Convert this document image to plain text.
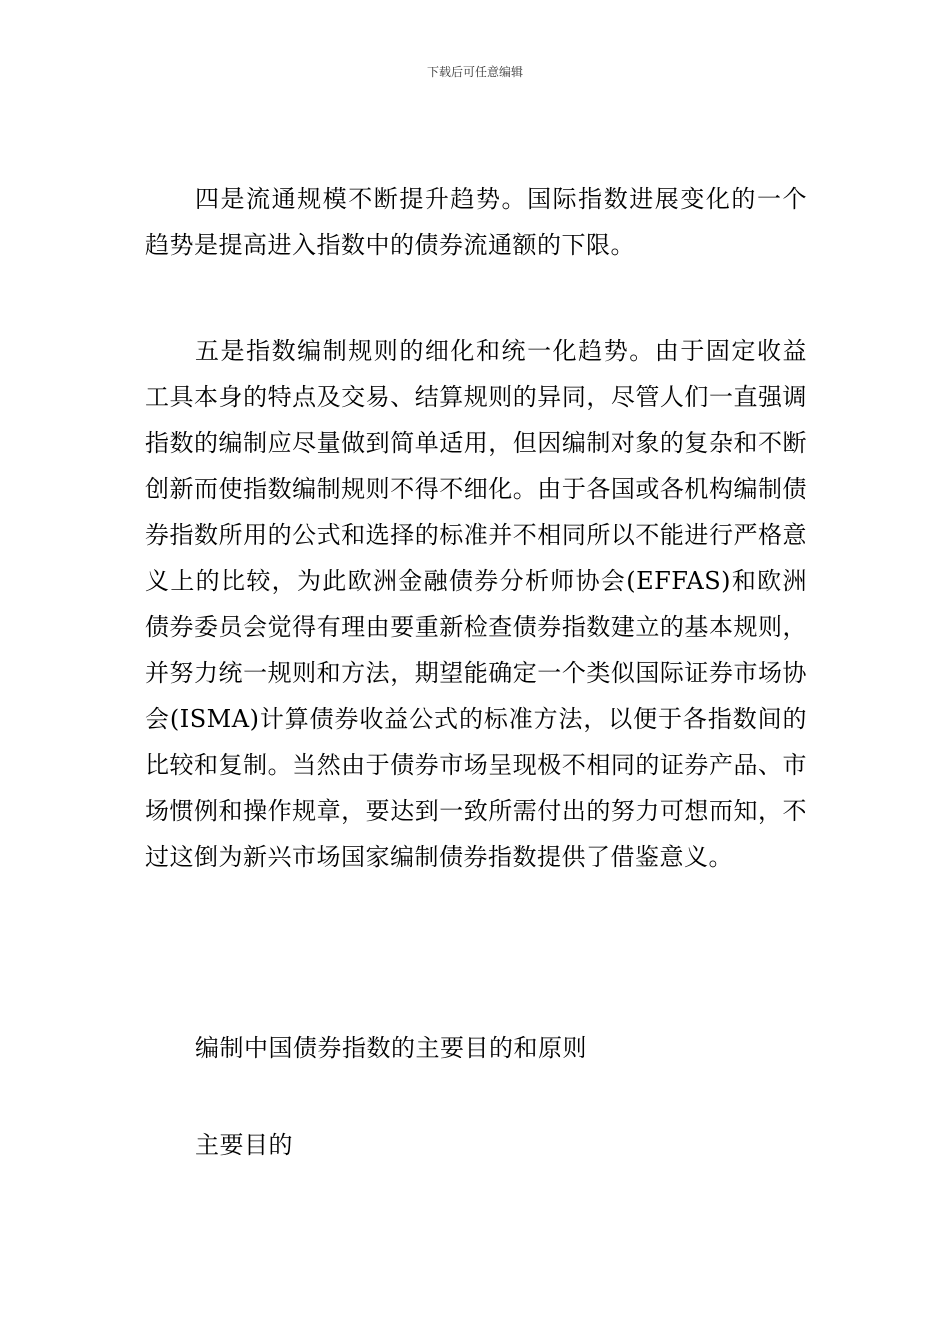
下载后可任意编辑

四是流通规模不断提升趋势。国际指数进展变化的一个趋势是提高进入指数中的债券流通额的下限。

五是指数编制规则的细化和统一化趋势。由于固定收益工具本身的特点及交易、结算规则的异同，尽管人们一直强调指数的编制应尽量做到简单适用，但因编制对象的复杂和不断创新而使指数编制规则不得不细化。由于各国或各机构编制债券指数所用的公式和选择的标准并不相同所以不能进行严格意义上的比较，为此欧洲金融债券分析师协会(EFFAS)和欧洲债券委员会觉得有理由要重新检查债券指数建立的基本规则，并努力统一规则和方法，期望能确定一个类似国际证券市场协会(ISMA)计算债券收益公式的标准方法，以便于各指数间的比较和复制。当然由于债券市场呈现极不相同的证券产品、市场惯例和操作规章，要达到一致所需付出的努力可想而知，不过这倒为新兴市场国家编制债券指数提供了借鉴意义。

编制中国债券指数的主要目的和原则

主要目的
